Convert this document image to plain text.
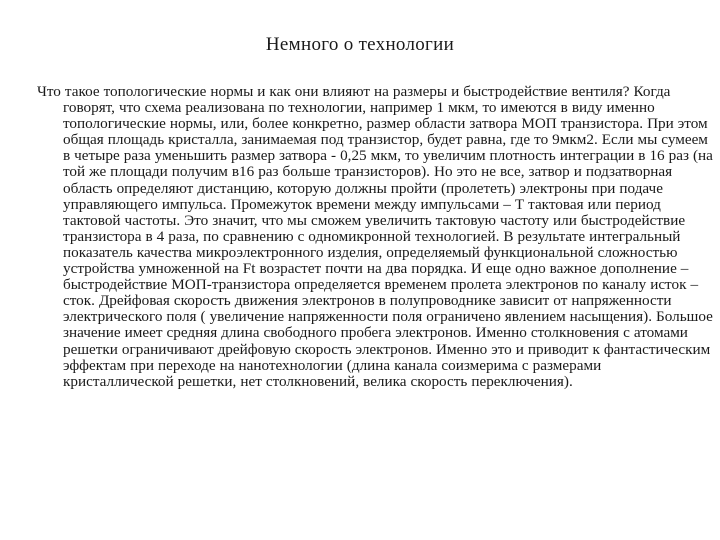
Немного о технологии

Что такое топологические нормы и как они влияют на размеры и быстродействие вентиля? Когда говорят, что схема реализована по технологии, например 1 мкм, то имеются в виду именно топологические нормы, или, более конкретно, размер области затвора МОП транзистора. При этом общая площадь кристалла, занимаемая под транзистор, будет равна, где то 9мкм2. Если мы сумеем в четыре раза уменьшить размер затвора - 0,25 мкм, то увеличим плотность интеграции в 16 раз (на той же площади получим в16 раз больше транзисторов). Но это не все, затвор и подзатворная область определяют дистанцию, которую должны пройти (пролететь) электроны при подаче управляющего импульса. Промежуток времени между импульсами – Т тактовая или период тактовой частоты. Это значит, что мы сможем увеличить тактовую частоту или быстродействие транзистора в 4 раза, по сравнению с одномикронной технологией. В результате интегральный показатель качества микроэлектронного изделия, определяемый функциональной сложностью устройства умноженной на Ft возрастет почти на два порядка. И еще одно важное дополнение – быстродействие МОП-транзистора определяется временем пролета электронов по каналу исток – сток. Дрейфовая скорость движения электронов в полупроводнике зависит от напряженности электрического поля ( увеличение напряженности поля ограничено явлением насыщения). Большое значение имеет средняя длина свободного пробега электронов. Именно столкновения с атомами решетки ограничивают дрейфовую скорость электронов. Именно это и приводит к фантастическим эффектам при переходе на нанотехнологии (длина канала соизмерима с размерами кристаллической решетки, нет столкновений, велика скорость переключения).
